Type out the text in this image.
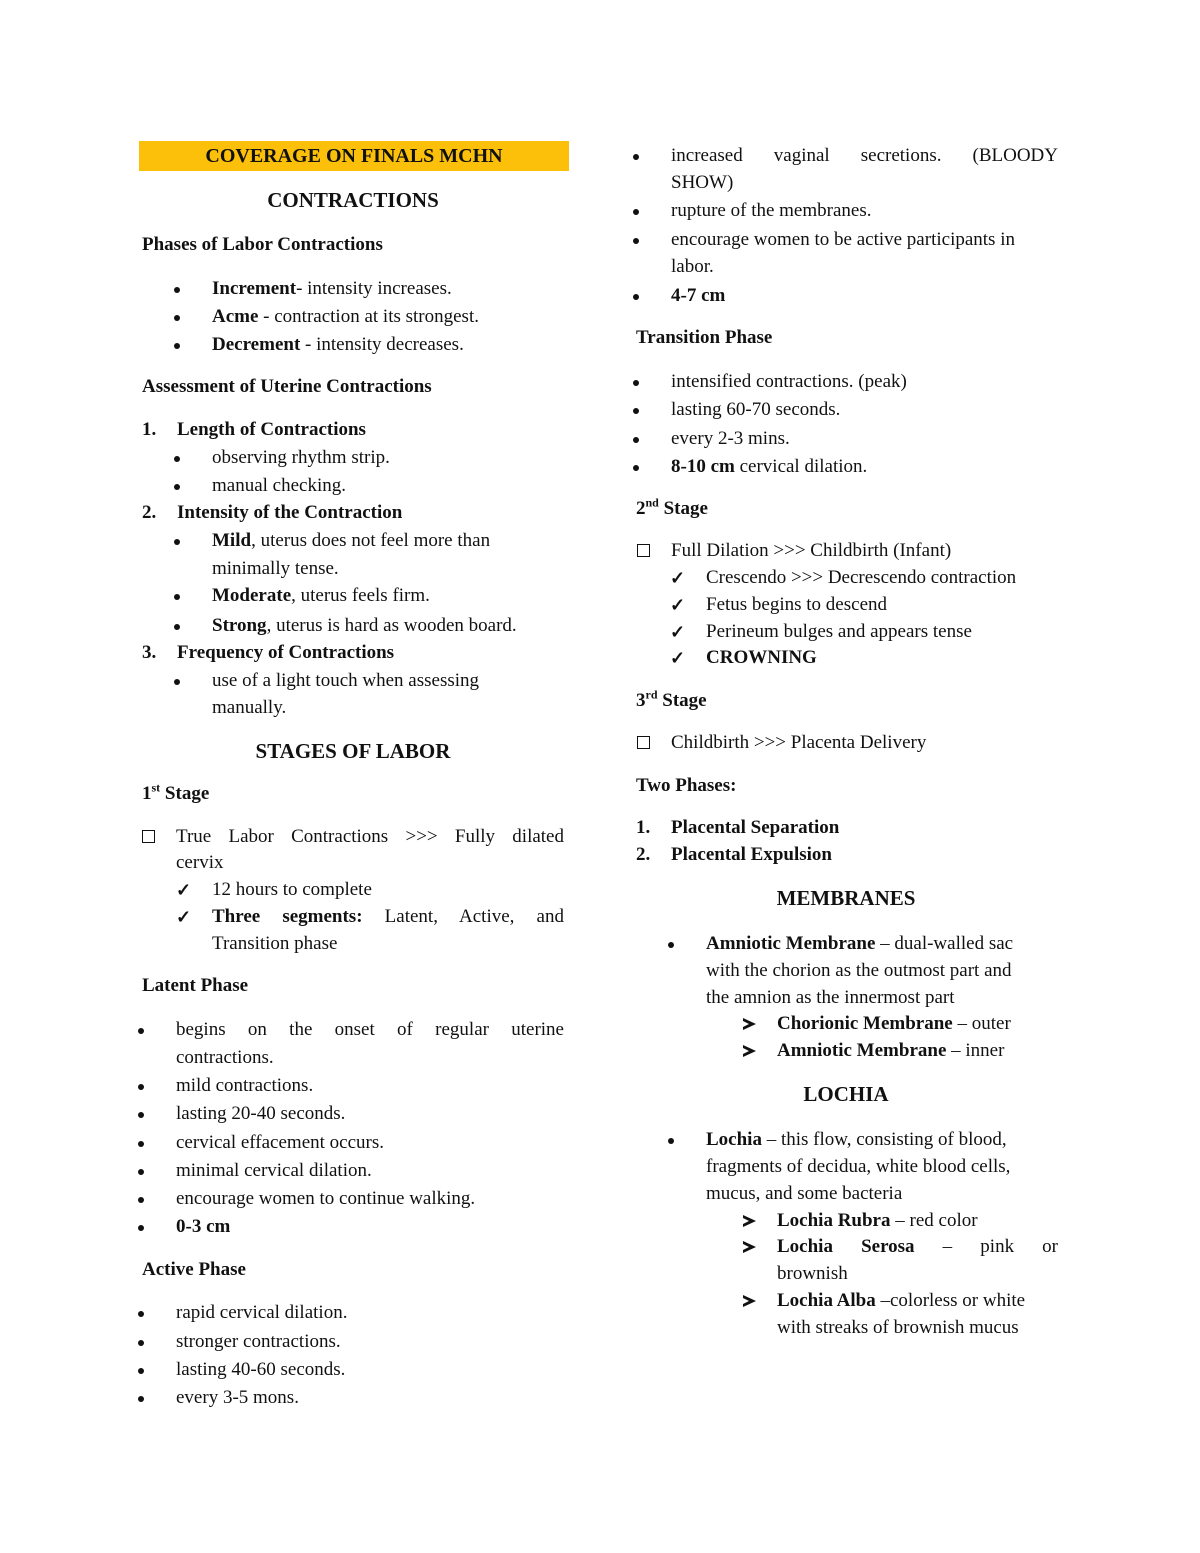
COVERAGE ON FINALS MCHN
CONTRACTIONS
Phases of Labor Contractions
Increment- intensity increases.
Acme - contraction at its strongest.
Decrement - intensity decreases.
Assessment of Uterine Contractions
1. Length of Contractions
observing rhythm strip.
manual checking.
2. Intensity of the Contraction
Mild, uterus does not feel more than
minimally tense.
Moderate, uterus feels firm.
Strong, uterus is hard as wooden board.
3. Frequency of Contractions
use of a light touch when assessing
manually.
STAGES OF LABOR
1st Stage
True Labor Contractions >>> Fully dilated
cervix
✓ 12 hours to complete
✓ Three segments: Latent, Active, and
Transition phase
Latent Phase
begins on the onset of regular uterine
contractions.
mild contractions.
lasting 20-40 seconds.
cervical effacement occurs.
minimal cervical dilation.
encourage women to continue walking.
0-3 cm
Active Phase
rapid cervical dilation.
stronger contractions.
lasting 40-60 seconds.
every 3-5 mons.
increased vaginal secretions. (BLOODY
SHOW)
rupture of the membranes.
encourage women to be active participants in
labor.
4-7 cm
Transition Phase
intensified contractions. (peak)
lasting 60-70 seconds.
every 2-3 mins.
8-10 cm cervical dilation.
2nd Stage
Full Dilation >>> Childbirth (Infant)
✓ Crescendo >>> Decrescendo contraction
✓ Fetus begins to descend
✓ Perineum bulges and appears tense
✓ CROWNING
3rd Stage
Childbirth >>> Placenta Delivery
Two Phases:
1. Placental Separation
2. Placental Expulsion
MEMBRANES
Amniotic Membrane – dual-walled sac
with the chorion as the outmost part and
the amnion as the innermost part
Chorionic Membrane – outer
Amniotic Membrane – inner
LOCHIA
Lochia – this flow, consisting of blood,
fragments of decidua, white blood cells,
mucus, and some bacteria
Lochia Rubra – red color
Lochia Serosa – pink or
brownish
Lochia Alba –colorless or white
with streaks of brownish mucus
